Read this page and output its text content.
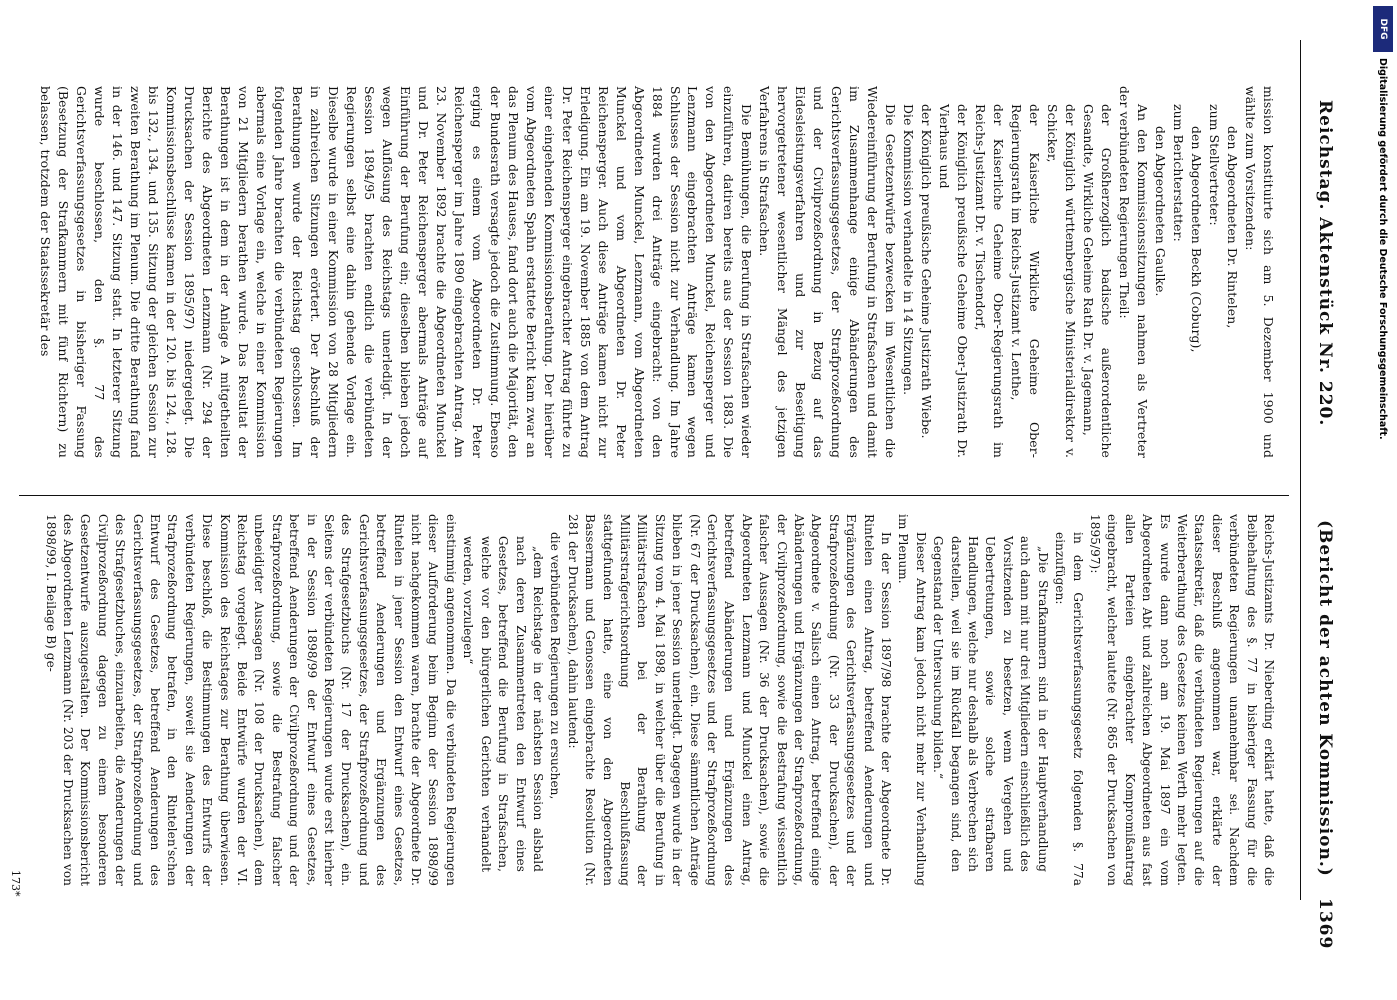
Reichstag. Aktenstück Nr. 220.
(Bericht der achten Kommission.)
1369

mission konstituirte sich am 5. Dezember 1900 und wählte zum Vorsitzenden:

den Abgeordneten Dr. Rintelen,

zum Stellvertreter:

den Abgeordneten Beckh (Coburg),

zum Berichterstatter:

den Abgeordneten Gaulke.

An den Kommissionssitzungen nahmen als Vertreter der verbündeten Regierungen Theil:

der Großherzoglich badische außerordentliche Gesandte, Wirkliche Geheime Rath Dr. v. Jagemann,

der Königlich württembergische Ministerialdirektor v. Schicker,

der Kaiserliche Wirkliche Geheime Ober-Regierungsrath im Reichs-Justizamt v. Lenthe,

der Kaiserliche Geheime Ober-Regierungsrath im Reichs-Justizamt Dr. v. Tischendorf,

der Königlich preußische Geheime Ober-Justizrath Dr. Vierhaus und

der Königlich preußische Geheime Justizrath Wiebe.

Die Kommission verhandelte in 14 Sitzungen.

Die Gesetzentwürfe bezwecken im Wesentlichen die Wiedereinführung der Berufung in Strafsachen und damit im Zusammenhange einige Abänderungen des Gerichtsverfassungsgesetzes, der Strafprozeßordnung und der Civilprozeßordnung in Bezug auf das Eidesleistungsverfahren und zur Beseitigung hervorgetretener wesentlicher Mängel des jetzigen Verfahrens in Strafsachen.

Die Bemühungen, die Berufung in Strafsachen wieder einzuführen, datiren bereits aus der Session 1883. Die von den Abgeordneten Munckel, Reichensperger und Lenzmann eingebrachten Anträge kamen wegen Schlusses der Session nicht zur Verhandlung. Im Jahre 1884 wurden drei Anträge eingebracht: von den Abgeordneten Munckel, Lenzmann, vom Abgeordneten Munckel und vom Abgeordneten Dr. Peter Reichensperger. Auch diese Anträge kamen nicht zur Erledigung. Ein am 19. November 1885 von dem Antrag Dr. Peter Reichensperger eingebrachter Antrag führte zu einer eingehenden Kommissionsberathung. Der hierüber vom Abgeordneten Spahn erstattete Bericht kam zwar an das Plenum des Hauses, fand dort auch die Majorität, den der Bundesrath versagte jedoch die Zustimmung. Ebenso erging es einem vom Abgeordneten Dr. Peter Reichensperger im Jahre 1890 eingebrachten Antrag. Am 23. November 1892 brachte die Abgeordneten Munckel und Dr. Peter Reichensperger abermals Anträge auf Einführung der Berufung ein; dieselben blieben jedoch wegen Auflösung des Reichstags unerledigt. In der Session 1894/95 brachten endlich die verbündeten Regierungen selbst eine dahin gehende Vorlage ein. Dieselbe wurde in einer Kommission von 28 Mitgliedern in zahlreichen Sitzungen erörtert. Der Abschluß der Berathungen wurde der Reichstag geschlossen. Im folgenden Jahre brachten die verbündeten Regierungen abermals eine Vorlage ein, welche in einer Kommission von 21 Mitgliedern berathen wurde. Das Resultat der Berathungen ist in dem in der Anlage A mitgetheilten Berichte des Abgeordneten Lenzmann (Nr. 294 der Drucksachen der Session 1895/97) niedergelegt. Die Kommissionsbeschlüsse kamen in der 120. bis 124., 128. bis 132., 134. und 135. Sitzung der gleichen Session zur zweiten Berathung im Plenum. Die dritte Berathung fand in der 146. und 147. Sitzung statt. In letzterer Sitzung wurde beschlossen, den §. 77 des Gerichtsverfassungsgesetzes in bisheriger Fassung (Besetzung der Strafkammern mit fünf Richtern) zu belassen, trotzdem der Staatssekretär des

Reichs-Justizamts Dr. Nieberding erklärt hatte, daß die Beibehaltung des §. 77 in bisheriger Fassung für die verbündeten Regierungen unannehmbar sei. Nachdem dieser Beschluß angenommen war, erklärte der Staatssekretär, daß die verbündeten Regierungen auf die Weiterberathung des Gesetzes keinen Werth mehr legten. Es wurde dann noch am 19. Mai 1897 ein vom Abgeordneten Abt und zahlreichen Abgeordneten aus fast allen Parteien eingebrachter Kompromißantrag eingebracht, welcher lautete (Nr. 865 der Drucksachen von 1895/97):

in dem Gerichtsverfassungsgesetz folgenden §. 77a einzufügen:

„Die Strafkammern sind in der Hauptverhandlung auch dann mit nur drei Mitgliedern einschließlich des Vorsitzenden zu besetzen, wenn Vergehen und Uebertretungen, sowie solche strafbaren Handlungen, welche nur deshalb als Verbrechen sich darstellen, weil sie im Rückfall begangen sind, den Gegenstand der Untersuchung bilden.“

Dieser Antrag kam jedoch nicht mehr zur Verhandlung im Plenum.

In der Session 1897/98 brachte der Abgeordnete Dr. Rintelen einen Antrag, betreffend Aenderungen und Ergänzungen des Gerichtsverfassungsgesetzes und der Strafprozeßordnung (Nr. 33 der Drucksachen), der Abgeordnete v. Salisch einen Antrag, betreffend einige Abänderungen und Ergänzungen der Strafprozeßordnung, der Civilprozeßordnung, sowie die Bestrafung wissentlich falscher Aussagen (Nr. 36 der Drucksachen), sowie die Abgeordneten Lenzmann und Munckel einen Antrag, betreffend Abänderungen und Ergänzungen des Gerichtsverfassungsgesetzes und der Strafprozeßordnung (Nr. 67 der Drucksachen), ein. Diese sämmtlichen Anträge blieben in jener Session unerledigt. Dagegen wurde in der Sitzung vom 4. Mai 1898, in welcher über die Berufung in Militärstrafsachen bei der Berathung der Militärstrafgerichtsordnung Beschlußfassung stattgefunden hatte, eine von den Abgeordneten Bassermann und Genossen eingebrachte Resolution (Nr. 281 der Drucksachen), dahin lautend:

die verbündeten Regierungen zu ersuchen,

„dem Reichstage in der nächsten Session alsbald nach deren Zusammentreten den Entwurf eines Gesetzes, betreffend die Berufung in Strafsachen, welche vor den bürgerlichen Gerichten verhandelt werden, vorzulegen“

einstimmig angenommen. Da die verbündeten Regierungen dieser Aufforderung beim Beginn der Session 1898/99 nicht nachgekommen waren, brachte der Abgeordnete Dr. Rintelen in jener Session den Entwurf eines Gesetzes, betreffend Aenderungen und Ergänzungen des Gerichtsverfassungsgesetzes, der Strafprozeßordnung und des Strafgesetzbuchs (Nr. 17 der Drucksachen), ein. Seitens der verbündeten Regierungen wurde erst hierher in der Session 1898/99 der Entwurf eines Gesetzes, betreffend Aenderungen der Civilprozeßordnung und der Strafprozeßordnung, sowie die Bestrafung falscher unbeeidigter Aussagen (Nr. 108 der Drucksachen), dem Reichstag vorgelegt. Beide Entwürfe wurden der VI. Kommission des Reichstages zur Berathung überwiesen. Diese beschloß, die Bestimmungen des Entwurfs der verbündeten Regierungen, soweit sie Aenderungen der Strafprozeßordnung betrafen, in den Rintelen'schen Entwurf des Gesetzes, betreffend Aenderungen des Gerichtsverfassungsgesetzes, der Strafprozeßordnung und des Strafgesetzbuches, einzuarbeiten, die Aenderungen der Civilprozeßordnung dagegen zu einem besonderen Gesetzentwurfe auszugestalten. Der Kommissionsbericht des Abgeordneten Lenzmann (Nr. 203 der Drucksachen von 1898/99, I. Beilage B) ge-

173*
Digitalisierung gefördert durch die Deutsche Forschungsgemeinschaft.
DFG
